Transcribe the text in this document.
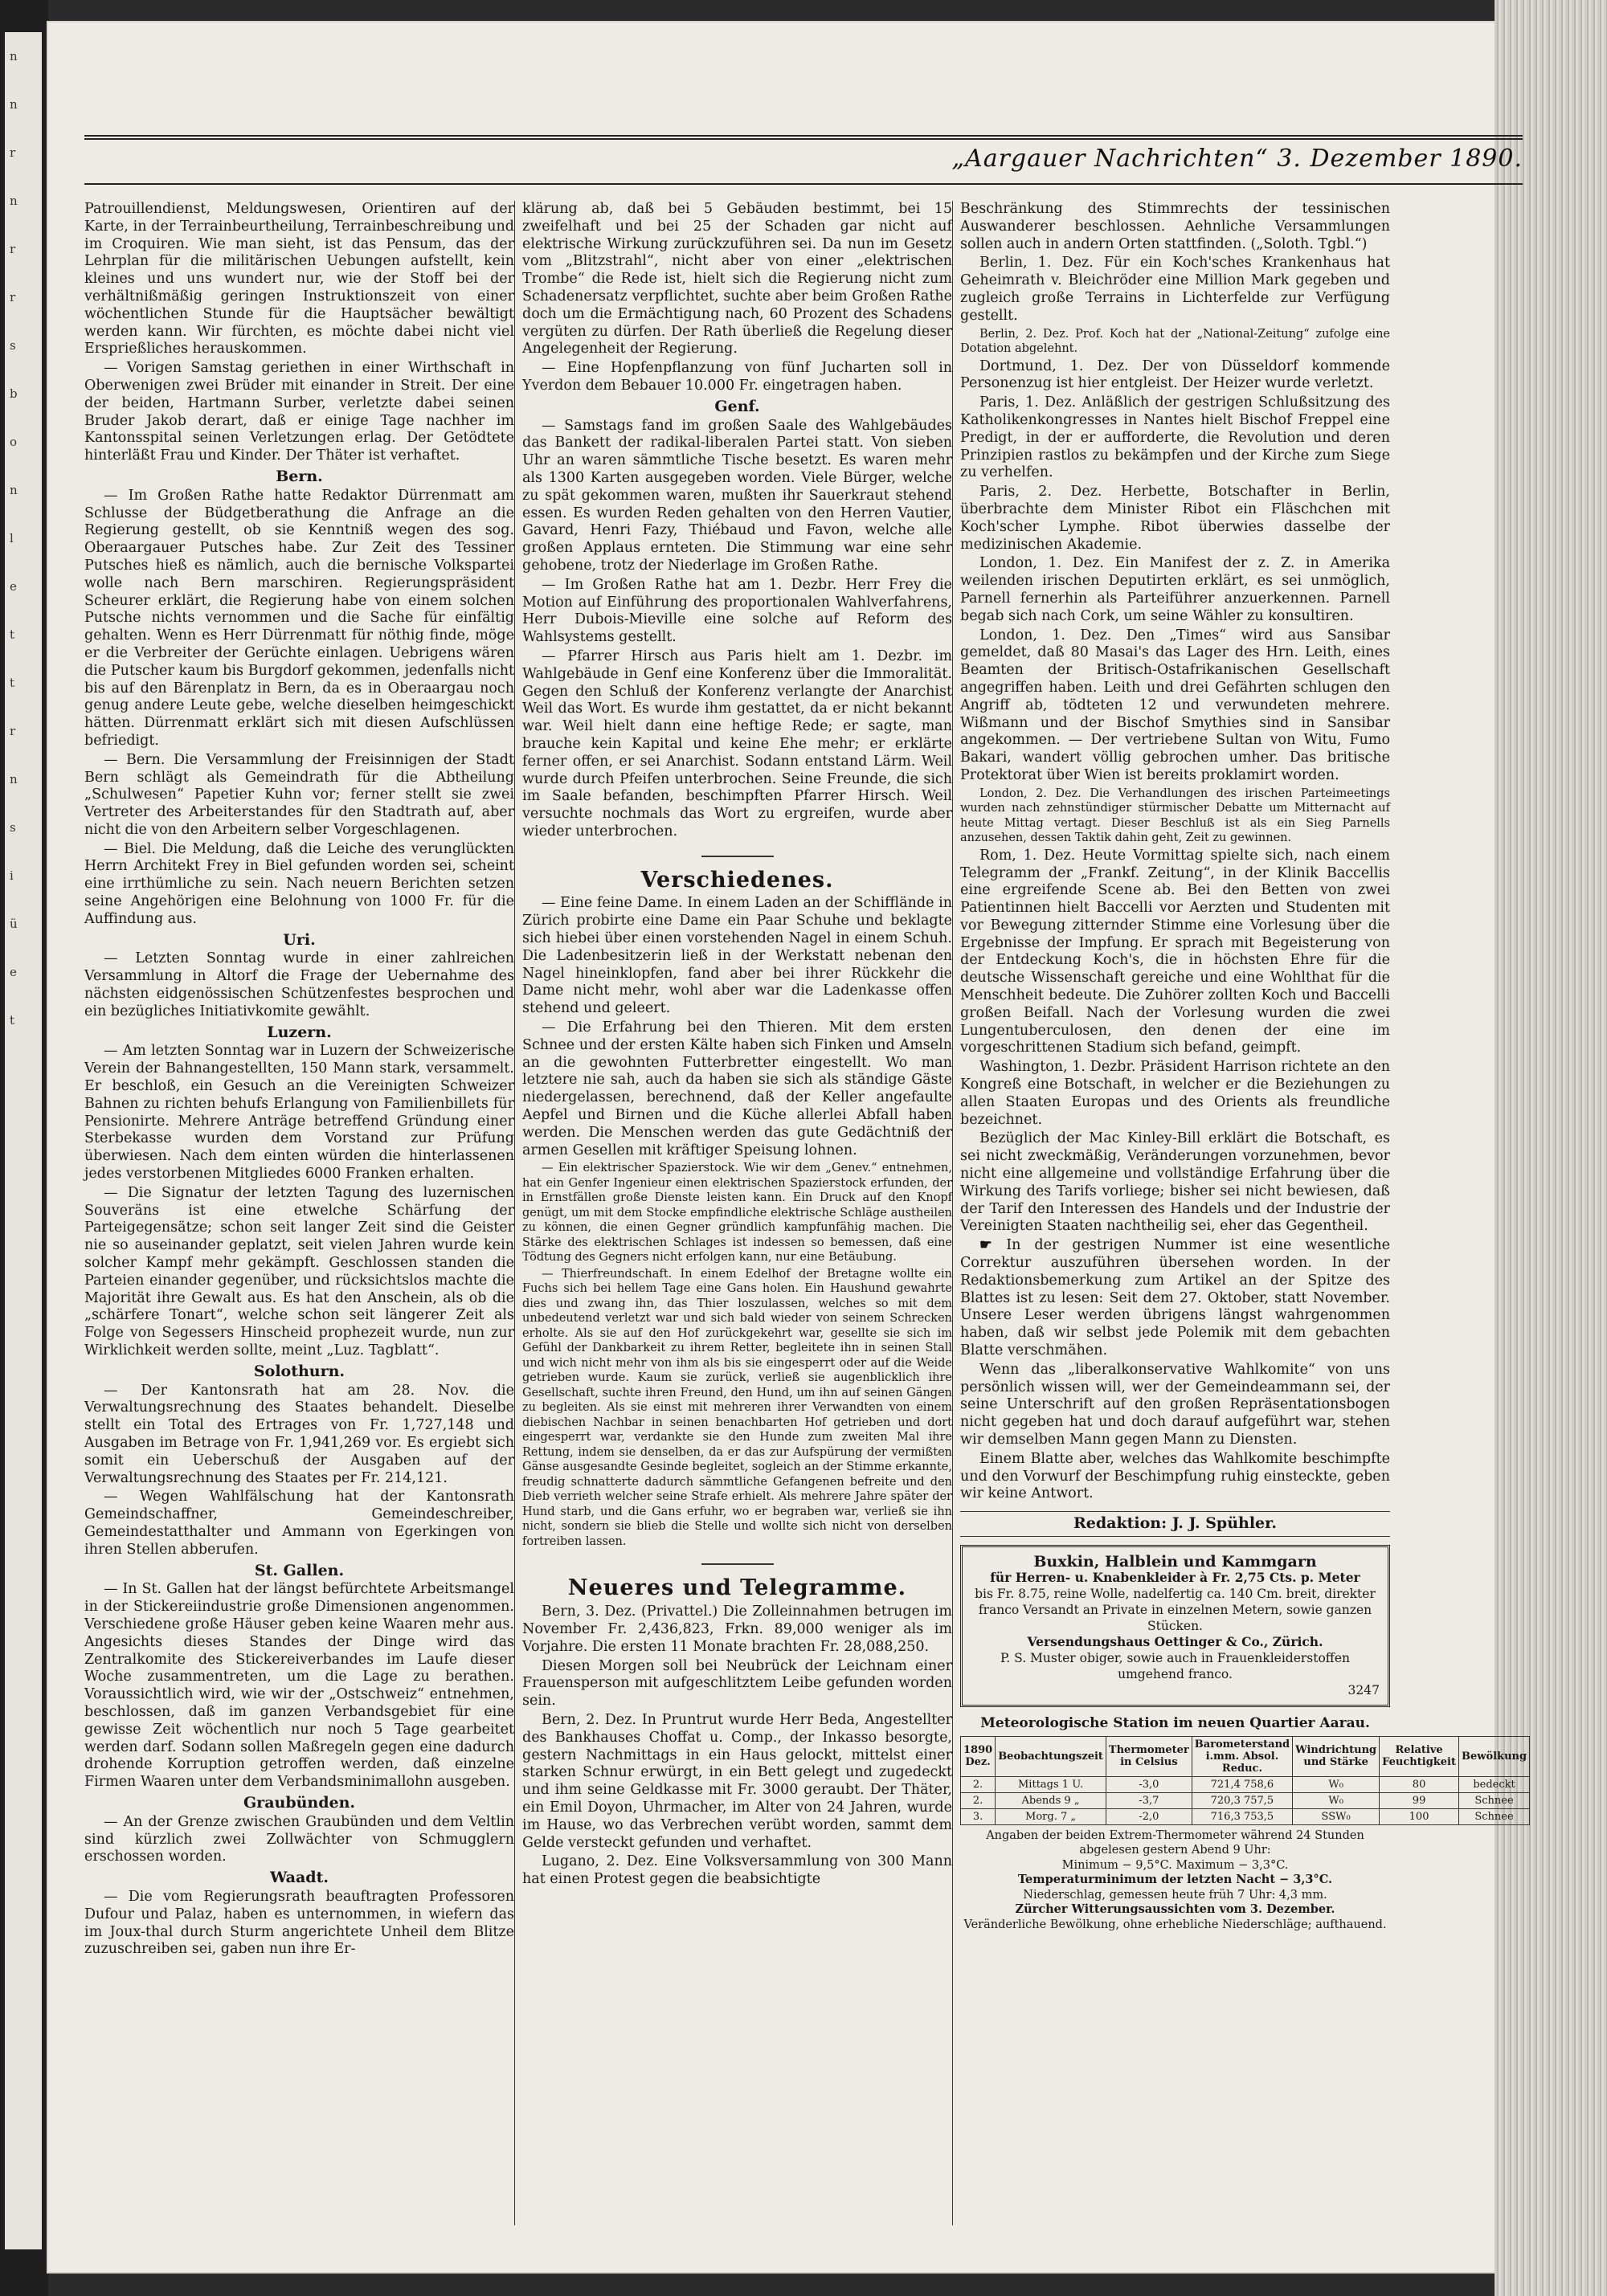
n
n
r
n
r
r
s
b
o
n
l
e
t
t
r
n
s
i
ü
e
t
„Aargauer Nachrichten“ 3. Dezember 1890.

Patrouillendienst, Meldungswesen, Orientiren auf der Karte, in der Terrainbeurtheilung, Terrainbeschreibung und im Croquiren. Wie man sieht, ist das Pensum, das der Lehrplan für die militärischen Uebungen aufstellt, kein kleines und uns wundert nur, wie der Stoff bei der verhältnißmäßig geringen Instruktionszeit von einer wöchentlichen Stunde für die Hauptsächer bewältigt werden kann. Wir fürchten, es möchte dabei nicht viel Ersprießliches herauskommen.

— Vorigen Samstag geriethen in einer Wirthschaft in Oberwenigen zwei Brüder mit einander in Streit. Der eine der beiden, Hartmann Surber, verletzte dabei seinen Bruder Jakob derart, daß er einige Tage nachher im Kantonsspital seinen Verletzungen erlag. Der Getödtete hinterläßt Frau und Kinder. Der Thäter ist verhaftet.

Bern.

— Im Großen Rathe hatte Redaktor Dürrenmatt am Schlusse der Büdgetberathung die Anfrage an die Regierung gestellt, ob sie Kenntniß wegen des sog. Oberaargauer Putsches habe. Zur Zeit des Tessiner Putsches hieß es nämlich, auch die bernische Volkspartei wolle nach Bern marschiren. Regierungspräsident Scheurer erklärt, die Regierung habe von einem solchen Putsche nichts vernommen und die Sache für einfältig gehalten. Wenn es Herr Dürrenmatt für nöthig finde, möge er die Verbreiter der Gerüchte einlagen. Uebrigens wären die Putscher kaum bis Burgdorf gekommen, jedenfalls nicht bis auf den Bärenplatz in Bern, da es in Oberaargau noch genug andere Leute gebe, welche dieselben heimgeschickt hätten. Dürrenmatt erklärt sich mit diesen Aufschlüssen befriedigt.

— Bern. Die Versammlung der Freisinnigen der Stadt Bern schlägt als Gemeindrath für die Abtheilung „Schulwesen“ Papetier Kuhn vor; ferner stellt sie zwei Vertreter des Arbeiterstandes für den Stadtrath auf, aber nicht die von den Arbeitern selber Vorgeschlagenen.

— Biel. Die Meldung, daß die Leiche des verunglückten Herrn Architekt Frey in Biel gefunden worden sei, scheint eine irrthümliche zu sein. Nach neuern Berichten setzen seine Angehörigen eine Belohnung von 1000 Fr. für die Auffindung aus.

Uri.

— Letzten Sonntag wurde in einer zahlreichen Versammlung in Altorf die Frage der Uebernahme des nächsten eidgenössischen Schützenfestes besprochen und ein bezügliches Initiativkomite gewählt.

Luzern.

— Am letzten Sonntag war in Luzern der Schweizerische Verein der Bahnangestellten, 150 Mann stark, versammelt. Er beschloß, ein Gesuch an die Vereinigten Schweizer Bahnen zu richten behufs Erlangung von Familienbillets für Pensionirte. Mehrere Anträge betreffend Gründung einer Sterbekasse wurden dem Vorstand zur Prüfung überwiesen. Nach dem einten würden die hinterlassenen jedes verstorbenen Mitgliedes 6000 Franken erhalten.

— Die Signatur der letzten Tagung des luzernischen Souveräns ist eine etwelche Schärfung der Parteigegensätze; schon seit langer Zeit sind die Geister nie so auseinander geplatzt, seit vielen Jahren wurde kein solcher Kampf mehr gekämpft. Geschlossen standen die Parteien einander gegenüber, und rücksichtslos machte die Majorität ihre Gewalt aus. Es hat den Anschein, als ob die „schärfere Tonart“, welche schon seit längerer Zeit als Folge von Segessers Hinscheid prophezeit wurde, nun zur Wirklichkeit werden sollte, meint „Luz. Tagblatt“.

Solothurn.

— Der Kantonsrath hat am 28. Nov. die Verwaltungsrechnung des Staates behandelt. Dieselbe stellt ein Total des Ertrages von Fr. 1,727,148 und Ausgaben im Betrage von Fr. 1,941,269 vor. Es ergiebt sich somit ein Ueberschuß der Ausgaben auf der Verwaltungsrechnung des Staates per Fr. 214,121.

— Wegen Wahlfälschung hat der Kantonsrath Gemeindschaffner, Gemeindeschreiber, Gemeindestatthalter und Ammann von Egerkingen von ihren Stellen abberufen.

St. Gallen.

— In St. Gallen hat der längst befürchtete Arbeitsmangel in der Stickereiindustrie große Dimensionen angenommen. Verschiedene große Häuser geben keine Waaren mehr aus. Angesichts dieses Standes der Dinge wird das Zentralkomite des Stickereiverbandes im Laufe dieser Woche zusammentreten, um die Lage zu berathen. Voraussichtlich wird, wie wir der „Ostschweiz“ entnehmen, beschlossen, daß im ganzen Verbandsgebiet für eine gewisse Zeit wöchentlich nur noch 5 Tage gearbeitet werden darf. Sodann sollen Maßregeln gegen eine dadurch drohende Korruption getroffen werden, daß einzelne Firmen Waaren unter dem Verbandsminimallohn ausgeben.

Graubünden.

— An der Grenze zwischen Graubünden und dem Veltlin sind kürzlich zwei Zollwächter von Schmugglern erschossen worden.

Waadt.

— Die vom Regierungsrath beauftragten Professoren Dufour und Palaz, haben es unternommen, in wiefern das im Joux-thal durch Sturm angerichtete Unheil dem Blitze zuzuschreiben sei, gaben nun ihre Er-

klärung ab, daß bei 5 Gebäuden bestimmt, bei 15 zweifelhaft und bei 25 der Schaden gar nicht auf elektrische Wirkung zurückzuführen sei. Da nun im Gesetz vom „Blitzstrahl“, nicht aber von einer „elektrischen Trombe“ die Rede ist, hielt sich die Regierung nicht zum Schadenersatz verpflichtet, suchte aber beim Großen Rathe doch um die Ermächtigung nach, 60 Prozent des Schadens vergüten zu dürfen. Der Rath überließ die Regelung dieser Angelegenheit der Regierung.

— Eine Hopfenpflanzung von fünf Jucharten soll in Yverdon dem Bebauer 10.000 Fr. eingetragen haben.

Genf.

— Samstags fand im großen Saale des Wahlgebäudes das Bankett der radikal-liberalen Partei statt. Von sieben Uhr an waren sämmtliche Tische besetzt. Es waren mehr als 1300 Karten ausgegeben worden. Viele Bürger, welche zu spät gekommen waren, mußten ihr Sauerkraut stehend essen. Es wurden Reden gehalten von den Herren Vautier, Gavard, Henri Fazy, Thiébaud und Favon, welche alle großen Applaus ernteten. Die Stimmung war eine sehr gehobene, trotz der Niederlage im Großen Rathe.

— Im Großen Rathe hat am 1. Dezbr. Herr Frey die Motion auf Einführung des proportionalen Wahlverfahrens, Herr Dubois-Mieville eine solche auf Reform des Wahlsystems gestellt.

— Pfarrer Hirsch aus Paris hielt am 1. Dezbr. im Wahlgebäude in Genf eine Konferenz über die Immoralität. Gegen den Schluß der Konferenz verlangte der Anarchist Weil das Wort. Es wurde ihm gestattet, da er nicht bekannt war. Weil hielt dann eine heftige Rede; er sagte, man brauche kein Kapital und keine Ehe mehr; er erklärte ferner offen, er sei Anarchist. Sodann entstand Lärm. Weil wurde durch Pfeifen unterbrochen. Seine Freunde, die sich im Saale befanden, beschimpften Pfarrer Hirsch. Weil versuchte nochmals das Wort zu ergreifen, wurde aber wieder unterbrochen.

Verschiedenes.

— Eine feine Dame. In einem Laden an der Schifflände in Zürich probirte eine Dame ein Paar Schuhe und beklagte sich hiebei über einen vorstehenden Nagel in einem Schuh. Die Ladenbesitzerin ließ in der Werkstatt nebenan den Nagel hineinklopfen, fand aber bei ihrer Rückkehr die Dame nicht mehr, wohl aber war die Ladenkasse offen stehend und geleert.

— Die Erfahrung bei den Thieren. Mit dem ersten Schnee und der ersten Kälte haben sich Finken und Amseln an die gewohnten Futterbretter eingestellt. Wo man letztere nie sah, auch da haben sie sich als ständige Gäste niedergelassen, berechnend, daß der Keller angefaulte Aepfel und Birnen und die Küche allerlei Abfall haben werden. Die Menschen werden das gute Gedächtniß der armen Gesellen mit kräftiger Speisung lohnen.

— Ein elektrischer Spazierstock. Wie wir dem „Genev.“ entnehmen, hat ein Genfer Ingenieur einen elektrischen Spazierstock erfunden, der in Ernstfällen große Dienste leisten kann. Ein Druck auf den Knopf genügt, um mit dem Stocke empfindliche elektrische Schläge austheilen zu können, die einen Gegner gründlich kampfunfähig machen. Die Stärke des elektrischen Schlages ist indessen so bemessen, daß eine Tödtung des Gegners nicht erfolgen kann, nur eine Betäubung.

— Thierfreundschaft. In einem Edelhof der Bretagne wollte ein Fuchs sich bei hellem Tage eine Gans holen. Ein Haushund gewahrte dies und zwang ihn, das Thier loszulassen, welches so mit dem unbedeutend verletzt war und sich bald wieder von seinem Schrecken erholte. Als sie auf den Hof zurückgekehrt war, gesellte sie sich im Gefühl der Dankbarkeit zu ihrem Retter, begleitete ihn in seinen Stall und wich nicht mehr von ihm als bis sie eingesperrt oder auf die Weide getrieben wurde. Kaum sie zurück, verließ sie augenblicklich ihre Gesellschaft, suchte ihren Freund, den Hund, um ihn auf seinen Gängen zu begleiten. Als sie einst mit mehreren ihrer Verwandten von einem diebischen Nachbar in seinen benachbarten Hof getrieben und dort eingesperrt war, verdankte sie den Hunde zum zweiten Mal ihre Rettung, indem sie denselben, da er das zur Aufspürung der vermißten Gänse ausgesandte Gesinde begleitet, sogleich an der Stimme erkannte, freudig schnatterte dadurch sämmtliche Gefangenen befreite und den Dieb verrieth welcher seine Strafe erhielt. Als mehrere Jahre später der Hund starb, und die Gans erfuhr, wo er begraben war, verließ sie ihn nicht, sondern sie blieb die Stelle und wollte sich nicht von derselben fortreiben lassen.

Neueres und Telegramme.

Bern, 3. Dez. (Privattel.) Die Zolleinnahmen betrugen im November Fr. 2,436,823, Frkn. 89,000 weniger als im Vorjahre. Die ersten 11 Monate brachten Fr. 28,088,250.

Diesen Morgen soll bei Neubrück der Leichnam einer Frauensperson mit aufgeschlitztem Leibe gefunden worden sein.

Bern, 2. Dez. In Pruntrut wurde Herr Beda, Angestellter des Bankhauses Choffat u. Comp., der Inkasso besorgte, gestern Nachmittags in ein Haus gelockt, mittelst einer starken Schnur erwürgt, in ein Bett gelegt und zugedeckt und ihm seine Geldkasse mit Fr. 3000 geraubt. Der Thäter, ein Emil Doyon, Uhrmacher, im Alter von 24 Jahren, wurde im Hause, wo das Verbrechen verübt worden, sammt dem Gelde versteckt gefunden und verhaftet.

Lugano, 2. Dez. Eine Volksversammlung von 300 Mann hat einen Protest gegen die beabsichtigte

Beschränkung des Stimmrechts der tessinischen Auswanderer beschlossen. Aehnliche Versammlungen sollen auch in andern Orten stattfinden. („Soloth. Tgbl.“)

Berlin, 1. Dez. Für ein Koch'sches Krankenhaus hat Geheimrath v. Bleichröder eine Million Mark gegeben und zugleich große Terrains in Lichterfelde zur Verfügung gestellt.

Berlin, 2. Dez. Prof. Koch hat der „National-Zeitung“ zufolge eine Dotation abgelehnt.

Dortmund, 1. Dez. Der von Düsseldorf kommende Personenzug ist hier entgleist. Der Heizer wurde verletzt.

Paris, 1. Dez. Anläßlich der gestrigen Schlußsitzung des Katholikenkongresses in Nantes hielt Bischof Freppel eine Predigt, in der er aufforderte, die Revolution und deren Prinzipien rastlos zu bekämpfen und der Kirche zum Siege zu verhelfen.

Paris, 2. Dez. Herbette, Botschafter in Berlin, überbrachte dem Minister Ribot ein Fläschchen mit Koch'scher Lymphe. Ribot überwies dasselbe der medizinischen Akademie.

London, 1. Dez. Ein Manifest der z. Z. in Amerika weilenden irischen Deputirten erklärt, es sei unmöglich, Parnell fernerhin als Parteiführer anzuerkennen. Parnell begab sich nach Cork, um seine Wähler zu konsultiren.

London, 1. Dez. Den „Times“ wird aus Sansibar gemeldet, daß 80 Masai's das Lager des Hrn. Leith, eines Beamten der Britisch-Ostafrikanischen Gesellschaft angegriffen haben. Leith und drei Gefährten schlugen den Angriff ab, tödteten 12 und verwundeten mehrere. Wißmann und der Bischof Smythies sind in Sansibar angekommen. — Der vertriebene Sultan von Witu, Fumo Bakari, wandert völlig gebrochen umher. Das britische Protektorat über Wien ist bereits proklamirt worden.

London, 2. Dez. Die Verhandlungen des irischen Parteimeetings wurden nach zehnstündiger stürmischer Debatte um Mitternacht auf heute Mittag vertagt. Dieser Beschluß ist als ein Sieg Parnells anzusehen, dessen Taktik dahin geht, Zeit zu gewinnen.

Rom, 1. Dez. Heute Vormittag spielte sich, nach einem Telegramm der „Frankf. Zeitung“, in der Klinik Baccellis eine ergreifende Scene ab. Bei den Betten von zwei Patientinnen hielt Baccelli vor Aerzten und Studenten mit vor Bewegung zitternder Stimme eine Vorlesung über die Ergebnisse der Impfung. Er sprach mit Begeisterung von der Entdeckung Koch's, die in höchsten Ehre für die deutsche Wissenschaft gereiche und eine Wohlthat für die Menschheit bedeute. Die Zuhörer zollten Koch und Baccelli großen Beifall. Nach der Vorlesung wurden die zwei Lungentuberculosen, den denen der eine im vorgeschrittenen Stadium sich befand, geimpft.

Washington, 1. Dezbr. Präsident Harrison richtete an den Kongreß eine Botschaft, in welcher er die Beziehungen zu allen Staaten Europas und des Orients als freundliche bezeichnet.

Bezüglich der Mac Kinley-Bill erklärt die Botschaft, es sei nicht zweckmäßig, Veränderungen vorzunehmen, bevor nicht eine allgemeine und vollständige Erfahrung über die Wirkung des Tarifs vorliege; bisher sei nicht bewiesen, daß der Tarif den Interessen des Handels und der Industrie der Vereinigten Staaten nachtheilig sei, eher das Gegentheil.

☛ In der gestrigen Nummer ist eine wesentliche Correktur auszuführen übersehen worden. In der Redaktionsbemerkung zum Artikel an der Spitze des Blattes ist zu lesen: Seit dem 27. Oktober, statt November. Unsere Leser werden übrigens längst wahrgenommen haben, daß wir selbst jede Polemik mit dem gebachten Blatte verschmähen.

Wenn das „liberalkonservative Wahlkomite“ von uns persönlich wissen will, wer der Gemeindeammann sei, der seine Unterschrift auf den großen Repräsentationsbogen nicht gegeben hat und doch darauf aufgeführt war, stehen wir demselben Mann gegen Mann zu Diensten.

Einem Blatte aber, welches das Wahlkomite beschimpfte und den Vorwurf der Beschimpfung ruhig einsteckte, geben wir keine Antwort.

Redaktion: J. J. Spühler.
Buxkin, Halblein und Kammgarn
für Herren- u. Knabenkleider à Fr. 2,75 Cts. p. Meter
bis Fr. 8.75, reine Wolle, nadelfertig ca. 140 Cm. breit, direkter franco Versandt an Private in einzelnen Metern, sowie ganzen Stücken.
Versendungshaus Oettinger & Co., Zürich.
P. S. Muster obiger, sowie auch in Frauenkleiderstoffen umgehend franco.
3247
Meteorologische Station im neuen Quartier Aarau.
1890 Dez.	Beobachtungszeit	Thermometer in Celsius	Barometerstand i.mm. Absol. Reduc.	Windrichtung und Stärke	Relative Feuchtigkeit	Bewölkung
2.	Mittags 1 U.	-3,0	721,4 758,6	W₀	80	bedeckt
2.	Abends 9 „	-3,7	720,3 757,5	W₀	99	Schnee
3.	Morg. 7 „	-2,0	716,3 753,5	SSW₀	100	Schnee
Angaben der beiden Extrem-Thermometer während 24 Stunden abgelesen gestern Abend 9 Uhr:
Minimum − 9,5°C. Maximum − 3,3°C.
Temperaturminimum der letzten Nacht − 3,3°C.
Niederschlag, gemessen heute früh 7 Uhr: 4,3 mm.
Zürcher Witterungsaussichten vom 3. Dezember.
Veränderliche Bewölkung, ohne erhebliche Niederschläge; aufthauend.
